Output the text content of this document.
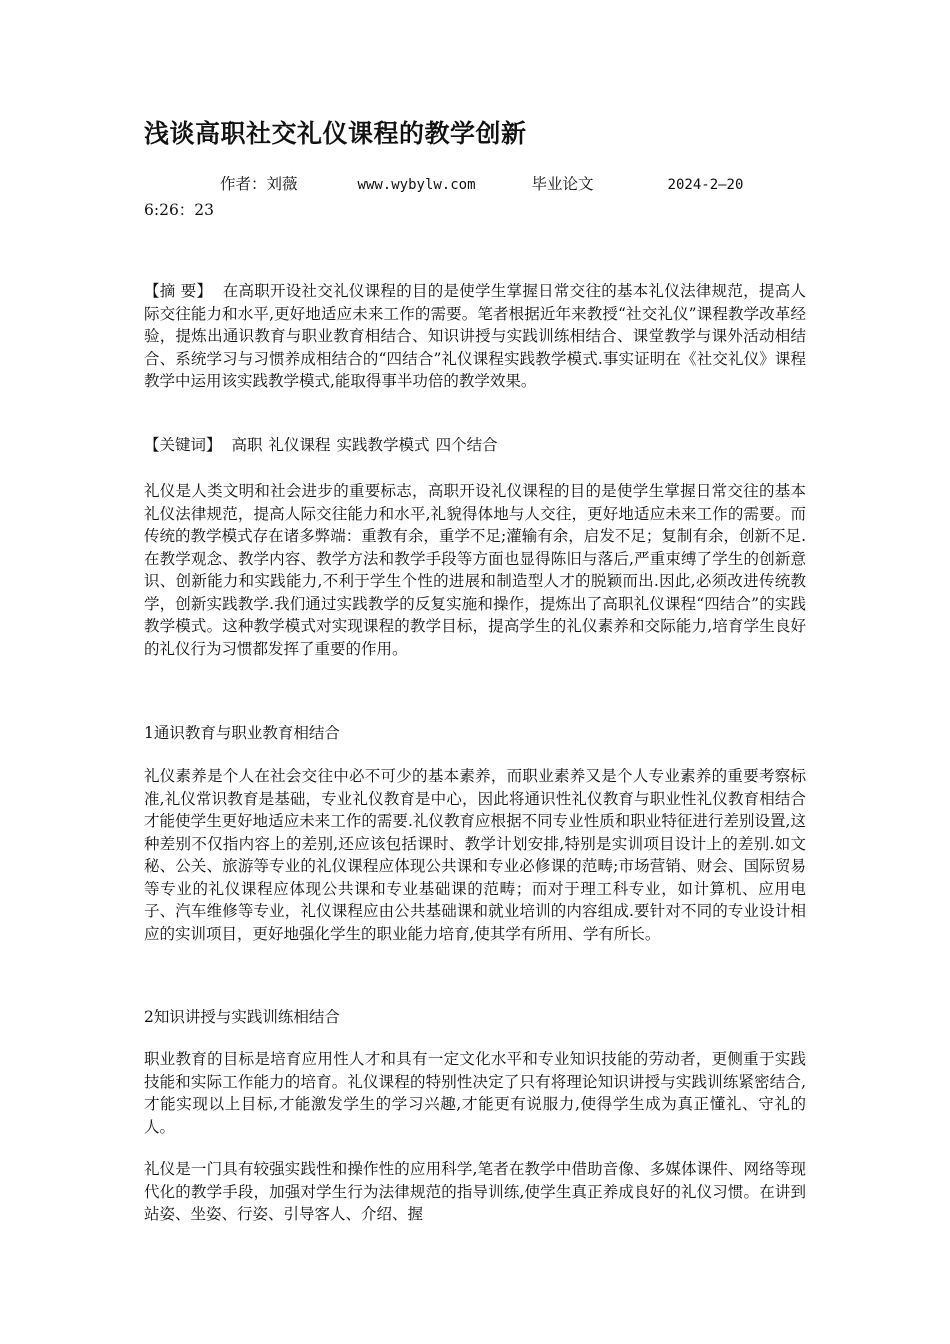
浅谈高职社交礼仪课程的教学创新
作者：刘薇	www.wybylw.com	毕业论文	2024-2—20
6:26：23

【摘 要】 在高职开设社交礼仪课程的目的是使学生掌握日常交往的基本礼仪法律规范，提高人际交往能力和水平,更好地适应未来工作的需要。笔者根据近年来教授“社交礼仪”课程教学改革经验，提炼出通识教育与职业教育相结合、知识讲授与实践训练相结合、课堂教学与课外活动相结合、系统学习与习惯养成相结合的“四结合”礼仪课程实践教学模式.事实证明在《社交礼仪》课程教学中运用该实践教学模式,能取得事半功倍的教学效果。

【关键词】 高职 礼仪课程 实践教学模式 四个结合

礼仪是人类文明和社会进步的重要标志，高职开设礼仪课程的目的是使学生掌握日常交往的基本礼仪法律规范，提高人际交往能力和水平,礼貌得体地与人交往，更好地适应未来工作的需要。而传统的教学模式存在诸多弊端：重教有余，重学不足;灌输有余，启发不足；复制有余，创新不足.在教学观念、教学内容、教学方法和教学手段等方面也显得陈旧与落后,严重束缚了学生的创新意识、创新能力和实践能力,不利于学生个性的进展和制造型人才的脱颖而出.因此,必须改进传统教学，创新实践教学.我们通过实践教学的反复实施和操作，提炼出了高职礼仪课程“四结合”的实践教学模式。这种教学模式对实现课程的教学目标，提高学生的礼仪素养和交际能力,培育学生良好的礼仪行为习惯都发挥了重要的作用。

1通识教育与职业教育相结合

礼仪素养是个人在社会交往中必不可少的基本素养，而职业素养又是个人专业素养的重要考察标准,礼仪常识教育是基础，专业礼仪教育是中心，因此将通识性礼仪教育与职业性礼仪教育相结合才能使学生更好地适应未来工作的需要.礼仪教育应根据不同专业性质和职业特征进行差别设置,这种差别不仅指内容上的差别,还应该包括课时、教学计划安排,特别是实训项目设计上的差别.如文秘、公关、旅游等专业的礼仪课程应体现公共课和专业必修课的范畴;市场营销、财会、国际贸易等专业的礼仪课程应体现公共课和专业基础课的范畴；而对于理工科专业，如计算机、应用电子、汽车维修等专业，礼仪课程应由公共基础课和就业培训的内容组成.要针对不同的专业设计相应的实训项目，更好地强化学生的职业能力培育,使其学有所用、学有所长。

2知识讲授与实践训练相结合

职业教育的目标是培育应用性人才和具有一定文化水平和专业知识技能的劳动者，更侧重于实践技能和实际工作能力的培育。礼仪课程的特别性决定了只有将理论知识讲授与实践训练紧密结合,才能实现以上目标,才能激发学生的学习兴趣,才能更有说服力,使得学生成为真正懂礼、守礼的人。

礼仪是一门具有较强实践性和操作性的应用科学,笔者在教学中借助音像、多媒体课件、网络等现代化的教学手段，加强对学生行为法律规范的指导训练,使学生真正养成良好的礼仪习惯。在讲到站姿、坐姿、行姿、引导客人、介绍、握
